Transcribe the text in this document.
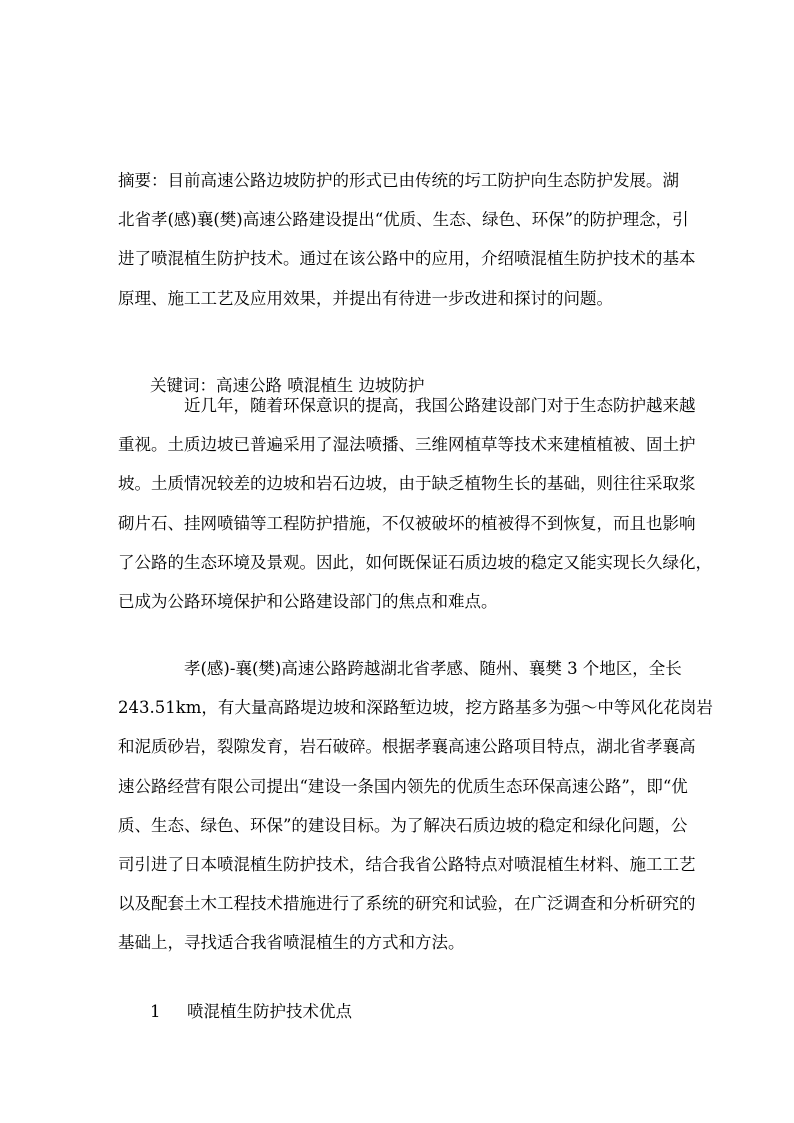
摘要：目前高速公路边坡防护的形式已由传统的圬工防护向生态防护发展。湖
北省孝(感)襄(樊)高速公路建设提出“优质、生态、绿色、环保”的防护理念，引
进了喷混植生防护技术。通过在该公路中的应用，介绍喷混植生防护技术的基本
原理、施工工艺及应用效果，并提出有待进一步改进和探讨的问题。
关键词：高速公路 喷混植生 边坡防护
近几年，随着环保意识的提高，我国公路建设部门对于生态防护越来越
重视。土质边坡已普遍采用了湿法喷播、三维网植草等技术来建植植被、固土护
坡。土质情况较差的边坡和岩石边坡，由于缺乏植物生长的基础，则往往采取浆
砌片石、挂网喷锚等工程防护措施，不仅被破坏的植被得不到恢复，而且也影响
了公路的生态环境及景观。因此，如何既保证石质边坡的稳定又能实现长久绿化，
已成为公路环境保护和公路建设部门的焦点和难点。
孝(感)-襄(樊)高速公路跨越湖北省孝感、随州、襄樊 3 个地区，全长
243.51km，有大量高路堤边坡和深路堑边坡，挖方路基多为强～中等风化花岗岩
和泥质砂岩，裂隙发育，岩石破碎。根据孝襄高速公路项目特点，湖北省孝襄高
速公路经营有限公司提出“建设一条国内领先的优质生态环保高速公路”，即“优
质、生态、绿色、环保”的建设目标。为了解决石质边坡的稳定和绿化问题，公
司引进了日本喷混植生防护技术，结合我省公路特点对喷混植生材料、施工工艺
以及配套土木工程技术措施进行了系统的研究和试验，在广泛调查和分析研究的
基础上，寻找适合我省喷混植生的方式和方法。
1 喷混植生防护技术优点
